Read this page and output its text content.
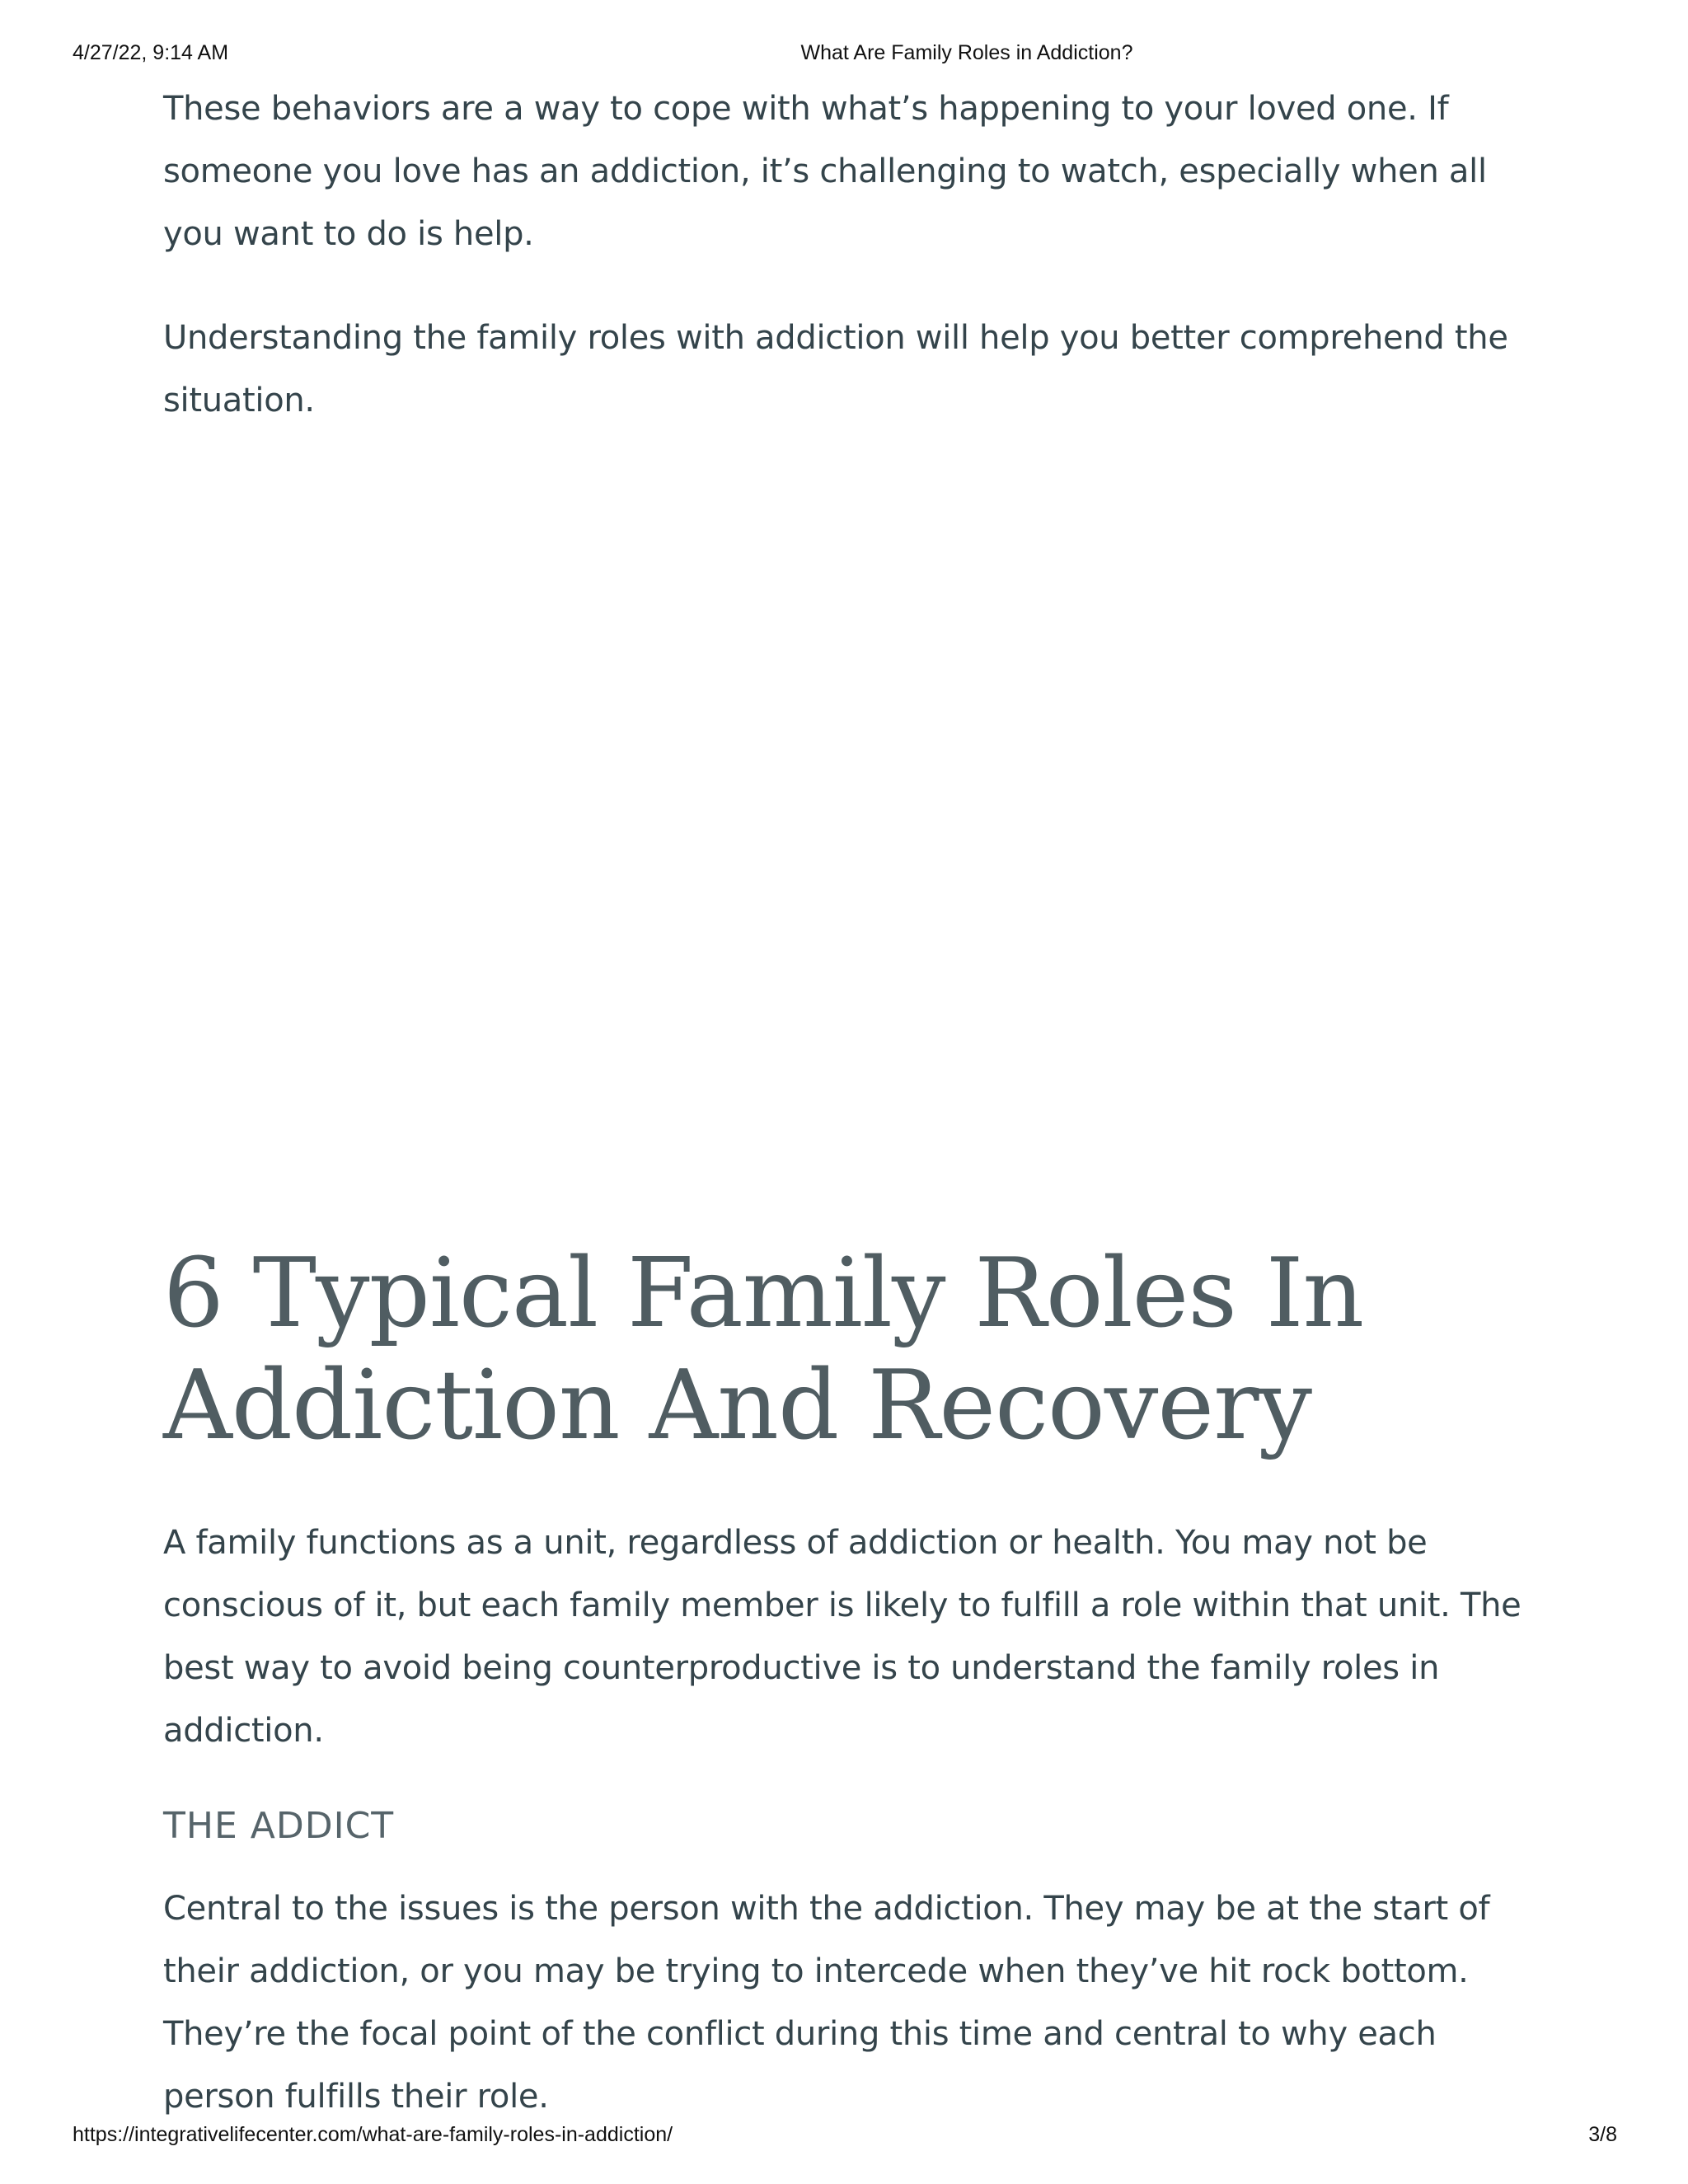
4/27/22, 9:14 AM	What Are Family Roles in Addiction?

These behaviors are a way to cope with what’s happening to your loved one. If someone you love has an addiction, it’s challenging to watch, especially when all you want to do is help.

Understanding the family roles with addiction will help you better comprehend the situation.

6 Typical Family Roles In Addiction And Recovery

A family functions as a unit, regardless of addiction or health. You may not be conscious of it, but each family member is likely to fulfill a role within that unit. The best way to avoid being counterproductive is to understand the family roles in addiction.

THE ADDICT

Central to the issues is the person with the addiction. They may be at the start of their addiction, or you may be trying to intercede when they’ve hit rock bottom. They’re the focal point of the conflict during this time and central to why each person fulfills their role.

https://integrativelifecenter.com/what-are-family-roles-in-addiction/	3/8
